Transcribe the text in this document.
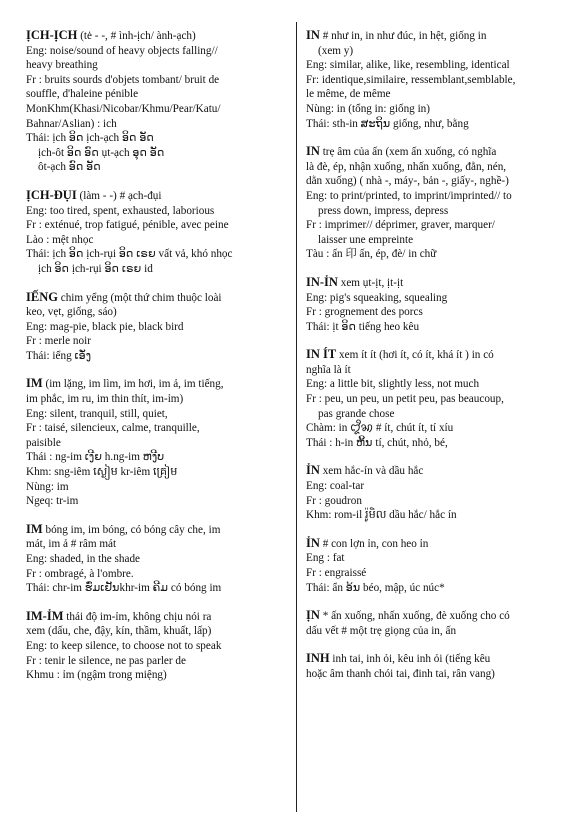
ỊCH-ỊCH (tė - -, # ình-ịch/ ành-ạch)
Eng: noise/sound of heavy objects falling//
heavy breathing
Fr : bruits sourds d'objets tombant/ bruit de
souffle, d'haleine pénible
MonKhm(Khasi/Nicobar/Khmu/Pear/Katu/
Bahnar/Aslian) : ich
Thái: ịch ອິດ ịch-ạch ອິດ ອັດ
ịch-ôt ອິດ ອົດ ụt-ạch ອຸດ ອັດ
ôt-ạch ອົດ ອັດ
ỊCH-ĐỤI (làm - -) # ạch-đụi
Eng: too tired, spent, exhausted, laborious
Fr : exténué, trop fatigué, pénible, avec peine
Lào : mệt nhọc
Thái: ịch ອິດ ịch-rụi ອິດ ເຣຍ vất vả, khó nhọc
ịch ອິດ ịch-rụi ອິດ ເຣຍ id
IẾNG chim yểng (một thứ chim thuộc loài
keo, vẹt, giống, sáo)
Eng: mag-pie, black pie, black bird
Fr : merle noir
Thái: iểng ເອັ່ງ
IM (im lặng, im lìm, im hơi, im ả, im tiếng,
im phắc, im ru, im thin thít, im-ỉm)
Eng: silent, tranquil, still, quiet,
Fr : taisé, silencieux, calme, tranquille,
paisible
Thái : ng-im ເງີຍ h.ng-im ຫງີບ
Khm: sng-iêm ស្ងៀម kr-iêm គ្រៀម
Nùng: im
Ngeq: tr-im
IM bóng im, im bóng, có bóng cây che, im
mát, im ả # râm mát
Eng: shaded, in the shade
Fr : ombragé, à l'ombre.
Thái: chr-im ຮົ່ມເຢັນkhr-im ຄີມ có bóng im
IM-ỈM thái độ im-ỉm, không chịu nói ra
xem (dấu, che, đậy, kín, thầm, khuất, lấp)
Eng: to keep silence, to choose not to speak
Fr : tenir le silence, ne pas parler de
Khmu : ỉm (ngậm trong miệng)
IN # như in, in như đúc, in hệt, giống in
(xem y)
Eng: similar, alike, like, resembling, identical
Fr: identique,similaire, ressemblant,semblable,
le même, de même
Nùng: in (tổng in: giống in)
Thái: sth-in ສະຖິນ giống, như, bằng
IN trẹ âm của ấn (xem ấn xuống, có nghĩa
là đè, ép, nhận xuống, nhấn xuống, đằn, nén,
dằn xuống) ( nhà -, máy-, bản -, giấy-, nghề-)
Eng: to print/printed, to imprint/imprinted// to
press down, impress, depress
Fr : imprimer// déprimer, graver, marquer/
laisser une empreinte
Tàu : ấn 印 ấn, ép, đè/ in chữ
IN-ỈN xem ụt-ịt, ịt-ịt
Eng: pig's squeaking, squealing
Fr : grognement des porcs
Thái: ịt ອິດ tiếng heo kêu
IN ÍT xem ít ít (hơi ít, có ít, khá ít ) in có
nghĩa là ít
Eng: a little bit, slightly less, not much
Fr : peu, un peu, un petit peu, pas beaucoup,
pas grande chose
Chàm: in ꨁꨪꩆ # ít, chút ít, tí xíu
Thái : h-in ຫິ້ນ tí, chút, nhỏ, bé,
ỈN xem hắc-ín và dầu hắc
Eng: coal-tar
Fr : goudron
Khm: rom-il រ៉ូមិល dầu hắc/ hắc ín
ỈN # con lợn ỉn, con heo ỉn
Eng : fat
Fr : engraissé
Thái: ẩn ອ້ນ béo, mập, úc núc*
ỊN * ấn xuống, nhấn xuống, đè xuống cho có
dấu vết # một trẹ giọng của in, ấn
INH inh tai, inh ỏi, kêu inh ỏi (tiếng kêu
hoặc âm thanh chói tai, đinh tai, rân vang)
